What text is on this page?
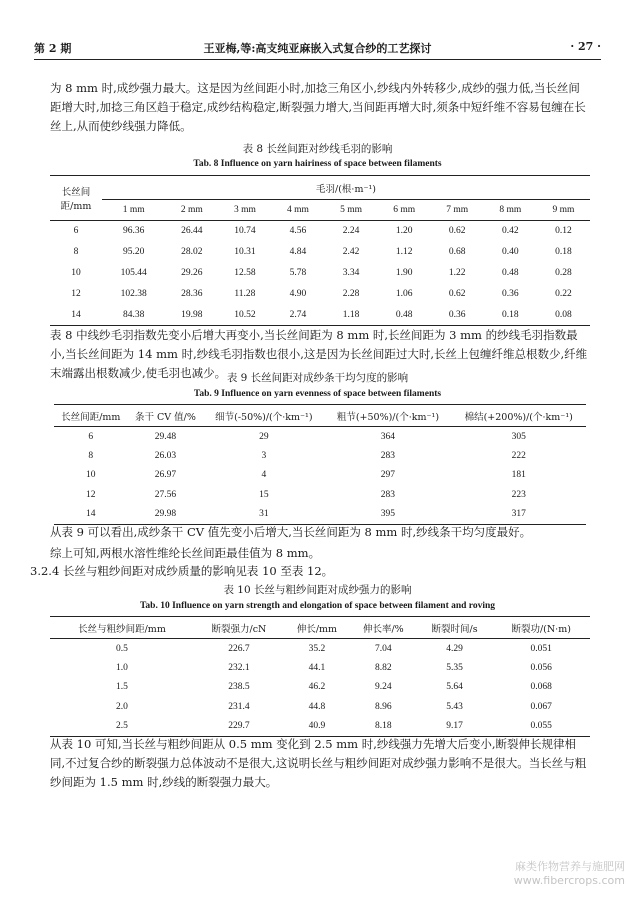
第 2 期	王亚梅,等:高支纯亚麻嵌入式复合纱的工艺探讨	· 27 ·
为 8 mm 时,成纱强力最大。这是因为丝间距小时,加捻三角区小,纱线内外转移少,成纱的强力低,当长丝间距增大时,加捻三角区趋于稳定,成纱结构稳定,断裂强力增大,当间距再增大时,须条中短纤维不容易包缠在长丝上,从而使纱线强力降低。
表 8 长丝间距对纱线毛羽的影响
Tab. 8 Influence on yarn hairiness of space between filaments
长丝间距/mm	毛羽/(根·m⁻¹)								
	1 mm	2 mm	3 mm	4 mm	5 mm	6 mm	7 mm	8 mm	9 mm
6	96.36	26.44	10.74	4.56	2.24	1.20	0.62	0.42	0.12
8	95.20	28.02	10.31	4.84	2.42	1.12	0.68	0.40	0.18
10	105.44	29.26	12.58	5.78	3.34	1.90	1.22	0.48	0.28
12	102.38	28.36	11.28	4.90	2.28	1.06	0.62	0.36	0.22
14	84.38	19.98	10.52	2.74	1.18	0.48	0.36	0.18	0.08
表 8 中线纱毛羽指数先变小后增大再变小,当长丝间距为 8 mm 时,长丝间距为 3 mm 的纱线毛羽指数最小,当长丝间距为 14 mm 时,纱线毛羽指数也很小,这是因为长丝间距过大时,长丝上包缠纤维总根数少,纤维末端露出根数减少,使毛羽也减少。 表 9 长丝间距对成纱条干均匀度的影响
Tab. 9 Influence on yarn evenness of space between filaments
长丝间距/mm	条干 CV 值/%	细节(-50%)/(个·km⁻¹)	粗节(+50%)/(个·km⁻¹)	棉结(+200%)/(个·km⁻¹)
6	29.48	29	364	305
8	26.03	3	283	222
10	26.97	4	297	181
12	27.56	15	283	223
14	29.98	31	395	317
从表 9 可以看出,成纱条干 CV 值先变小后增大,当长丝间距为 8 mm 时,纱线条干均匀度最好。
综上可知,两根水溶性维纶长丝间距最佳值为 8 mm。
3.2.4 长丝与粗纱间距对成纱质量的影响见表 10 至表 12。
表 10 长丝与粗纱间距对成纱强力的影响
Tab. 10 Influence on yarn strength and elongation of space between filament and roving
长丝与粗纱间距/mm	断裂强力/cN	伸长/mm	伸长率/%	断裂时间/s	断裂功/(N·m)
0.5	226.7	35.2	7.04	4.29	0.051
1.0	232.1	44.1	8.82	5.35	0.056
1.5	238.5	46.2	9.24	5.64	0.068
2.0	231.4	44.8	8.96	5.43	0.067
2.5	229.7	40.9	8.18	9.17	0.055
从表 10 可知,当长丝与粗纱间距从 0.5 mm 变化到 2.5 mm 时,纱线强力先增大后变小,断裂伸长规律相同,不过复合纱的断裂强力总体波动不是很大,这说明长丝与粗纱间距对成纱强力影响不是很大。当长丝与粗纱间距为 1.5 mm 时,纱线的断裂强力最大。
麻类作物营养与施肥网
www.fibercrops.com
